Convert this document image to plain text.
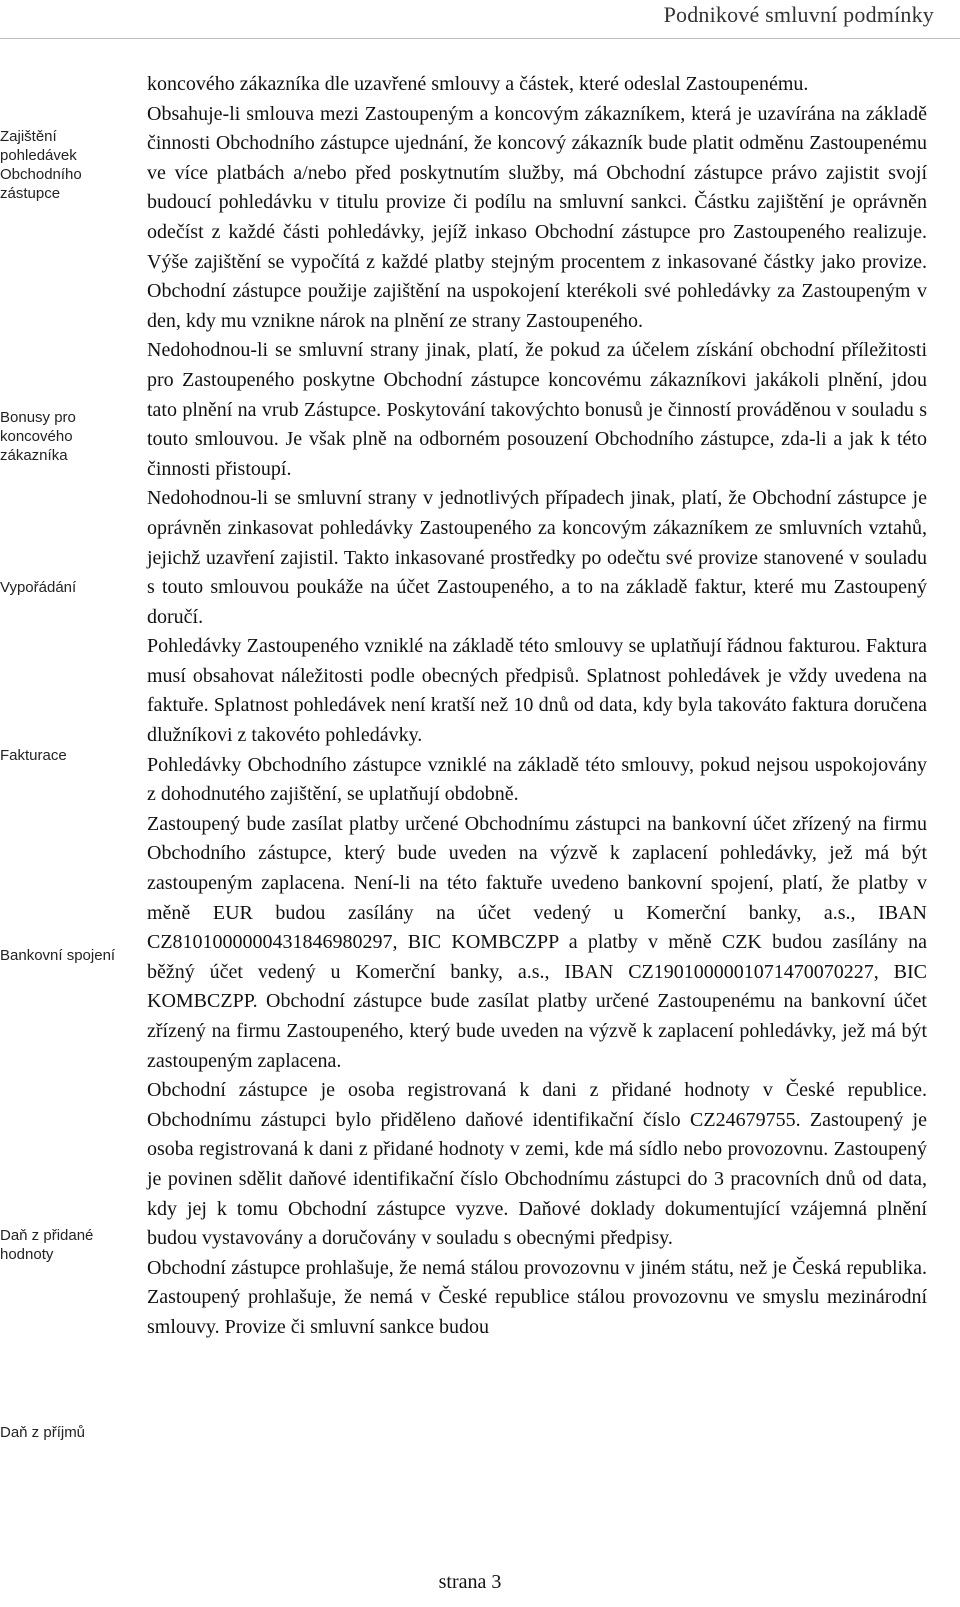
Podnikové smluvní podmínky
Zajištění pohledávek Obchodního zástupce
Bonusy pro koncového zákazníka
Vypořádání
Fakturace
Bankovní spojení
Daň z přidané hodnoty
Daň z příjmů

koncového zákazníka dle uzavřené smlouvy a částek, které odeslal Zastoupenému.

Obsahuje-li smlouva mezi Zastoupeným a koncovým zákazníkem, která je uzavírána na základě činnosti Obchodního zástupce ujednání, že koncový zákazník bude platit odměnu Zastoupenému ve více platbách a/nebo před poskytnutím služby, má Obchodní zástupce právo zajistit svojí budoucí pohledávku v titulu provize či podílu na smluvní sankci. Částku zajištění je oprávněn odečíst z každé části pohledávky, jejíž inkaso Obchodní zástupce pro Zastoupeného realizuje. Výše zajištění se vypočítá z každé platby stejným procentem z inkasované částky jako provize. Obchodní zástupce použije zajištění na uspokojení kterékoli své pohledávky za Zastoupeným v den, kdy mu vznikne nárok na plnění ze strany Zastoupeného.

Nedohodnou-li se smluvní strany jinak, platí, že pokud za účelem získání obchodní příležitosti pro Zastoupeného poskytne Obchodní zástupce koncovému zákazníkovi jakákoli plnění, jdou tato plnění na vrub Zástupce. Poskytování takovýchto bonusů je činností prováděnou v souladu s touto smlouvou. Je však plně na odborném posouzení Obchodního zástupce, zda-li a jak k této činnosti přistoupí.

Nedohodnou-li se smluvní strany v jednotlivých případech jinak, platí, že Obchodní zástupce je oprávněn zinkasovat pohledávky Zastoupeného za koncovým zákazníkem ze smluvních vztahů, jejichž uzavření zajistil. Takto inkasované prostředky po odečtu své provize stanovené v souladu s touto smlouvou poukáže na účet Zastoupeného, a to na základě faktur, které mu Zastoupený doručí.

Pohledávky Zastoupeného vzniklé na základě této smlouvy se uplatňují řádnou fakturou. Faktura musí obsahovat náležitosti podle obecných předpisů. Splatnost pohledávek je vždy uvedena na faktuře. Splatnost pohledávek není kratší než 10 dnů od data, kdy byla takováto faktura doručena dlužníkovi z takovéto pohledávky.

Pohledávky Obchodního zástupce vzniklé na základě této smlouvy, pokud nejsou uspokojovány z dohodnutého zajištění, se uplatňují obdobně.

Zastoupený bude zasílat platby určené Obchodnímu zástupci na bankovní účet zřízený na firmu Obchodního zástupce, který bude uveden na výzvě k zaplacení pohledávky, jež má být zastoupeným zaplacena. Není-li na této faktuře uvedeno bankovní spojení, platí, že platby v měně EUR budou zasílány na účet vedený u Komerční banky, a.s., IBAN CZ8101000000431846980297, BIC KOMBCZPP a platby v měně CZK budou zasílány na běžný účet vedený u Komerční banky, a.s., IBAN CZ1901000001071470070227, BIC KOMBCZPP. Obchodní zástupce bude zasílat platby určené Zastoupenému na bankovní účet zřízený na firmu Zastoupeného, který bude uveden na výzvě k zaplacení pohledávky, jež má být zastoupeným zaplacena.

Obchodní zástupce je osoba registrovaná k dani z přidané hodnoty v České republice. Obchodnímu zástupci bylo přiděleno daňové identifikační číslo CZ24679755. Zastoupený je osoba registrovaná k dani z přidané hodnoty v zemi, kde má sídlo nebo provozovnu. Zastoupený je povinen sdělit daňové identifikační číslo Obchodnímu zástupci do 3 pracovních dnů od data, kdy jej k tomu Obchodní zástupce vyzve. Daňové doklady dokumentující vzájemná plnění budou vystavovány a doručovány v souladu s obecnými předpisy.

Obchodní zástupce prohlašuje, že nemá stálou provozovnu v jiném státu, než je Česká republika. Zastoupený prohlašuje, že nemá v České republice stálou provozovnu ve smyslu mezinárodní smlouvy. Provize či smluvní sankce budou

strana 3
